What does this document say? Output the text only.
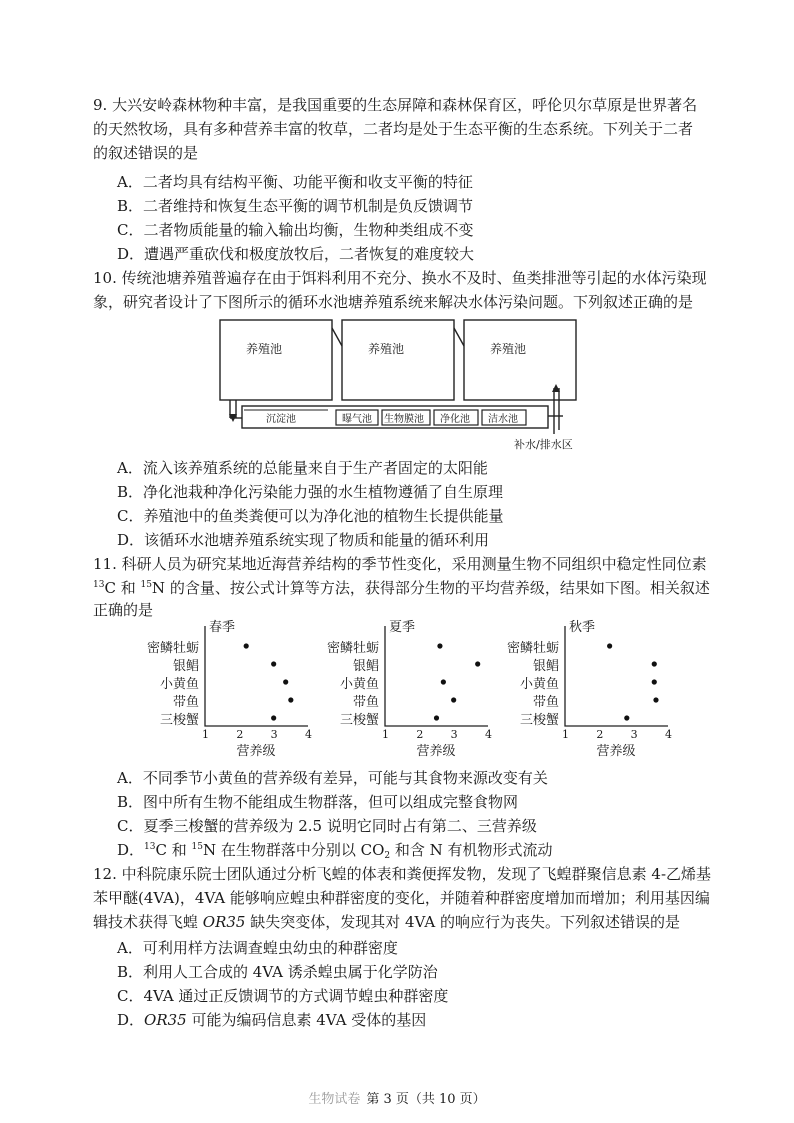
9. 大兴安岭森林物种丰富，是我国重要的生态屏障和森林保育区，呼伦贝尔草原是世界著名
的天然牧场，具有多种营养丰富的牧草，二者均是处于生态平衡的生态系统。下列关于二者
的叙述错误的是
A．二者均具有结构平衡、功能平衡和收支平衡的特征
B．二者维持和恢复生态平衡的调节机制是负反馈调节
C．二者物质能量的输入输出均衡，生物种类组成不变
D．遭遇严重砍伐和极度放牧后，二者恢复的难度较大
10. 传统池塘养殖普遍存在由于饵料利用不充分、换水不及时、鱼类排泄等引起的水体污染现
象，研究者设计了下图所示的循环水池塘养殖系统来解决水体污染问题。下列叙述正确的是
养殖池	养殖池	养殖池
沉淀池	曝气池 生物膜池 净化池 洁水池
补水/排水区
A．流入该养殖系统的总能量来自于生产者固定的太阳能
B．净化池栽种净化污染能力强的水生植物遵循了自生原理
C．养殖池中的鱼类粪便可以为净化池的植物生长提供能量
D．该循环水池塘养殖系统实现了物质和能量的循环利用
11. 科研人员为研究某地近海营养结构的季节性变化，采用测量生物不同组织中稳定性同位素
$^{13}$C 和 $^{15}$N 的含量、按公式计算等方法，获得部分生物的平均营养级，结果如下图。相关叙述
正确的是
春季
密鳞牡蛎
银鲳
小黄鱼
带鱼
三梭蟹
1 2 3 4
营养级
夏季
密鳞牡蛎
银鲳
小黄鱼
带鱼
三梭蟹
1 2 3 4
营养级
秋季
密鳞牡蛎
银鲳
小黄鱼
带鱼
三梭蟹
1 2 3 4
营养级
A．不同季节小黄鱼的营养级有差异，可能与其食物来源改变有关
B．图中所有生物不能组成生物群落，但可以组成完整食物网
C．夏季三梭蟹的营养级为 2.5 说明它同时占有第二、三营养级
D．$^{13}$C 和 $^{15}$N 在生物群落中分别以 $CO_2$ 和含 N 有机物形式流动
12. 中科院康乐院士团队通过分析飞蝗的体表和粪便挥发物，发现了飞蝗群聚信息素 4-乙烯基
苯甲醚(4VA)，4VA 能够响应蝗虫种群密度的变化，并随着种群密度增加而增加；利用基因编
辑技术获得飞蝗 OR35 缺失突变体，发现其对 4VA 的响应行为丧失。下列叙述错误的是
A．可利用样方法调查蝗虫幼虫的种群密度
B．利用人工合成的 4VA 诱杀蝗虫属于化学防治
C．4VA 通过正反馈调节的方式调节蝗虫种群密度
D．OR35 可能为编码信息素 4VA 受体的基因
生物试卷 第 3 页（共 10 页）
